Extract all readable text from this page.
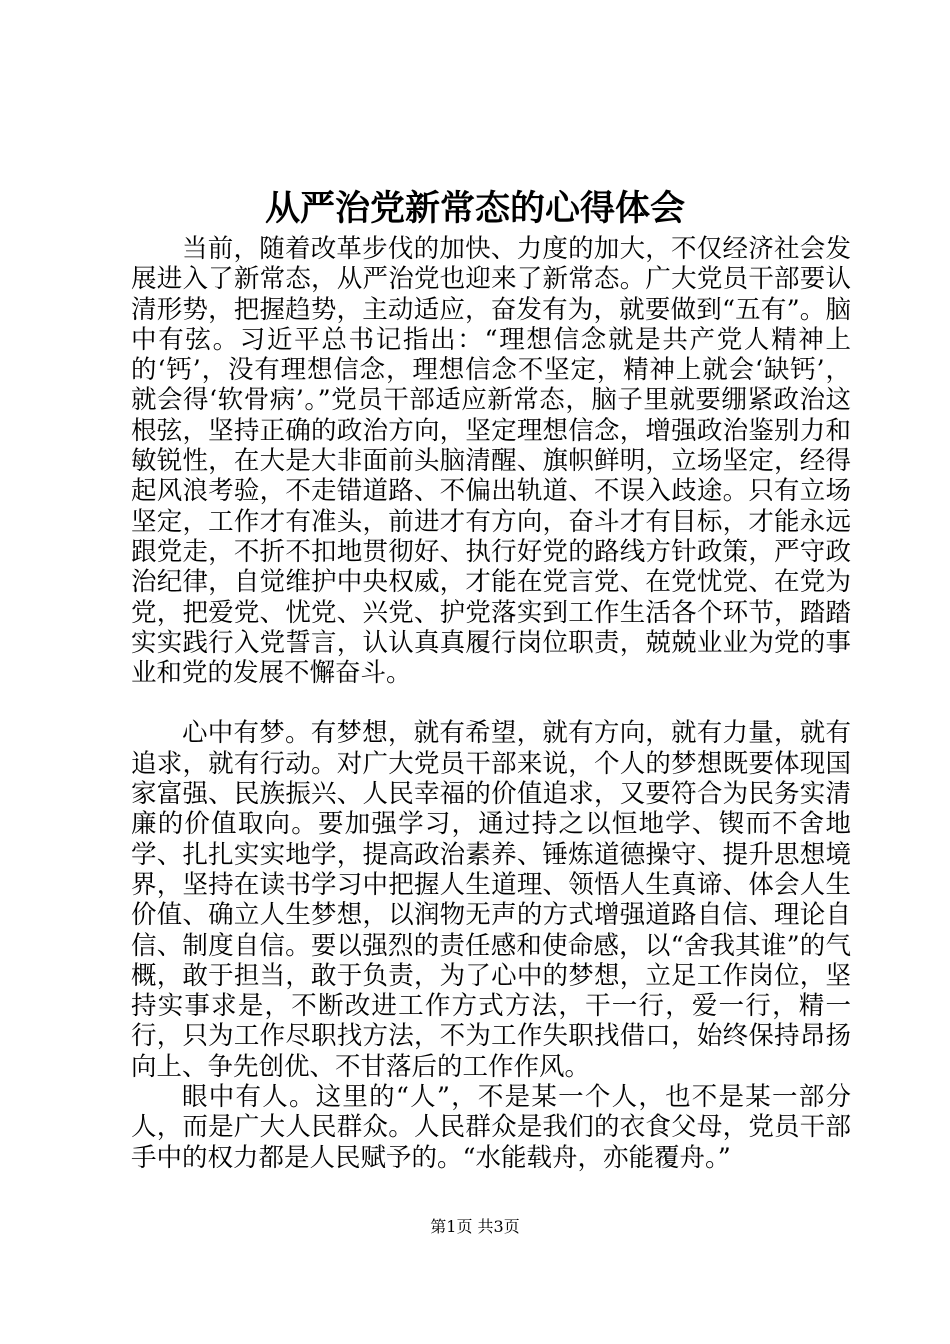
从严治党新常态的心得体会

当前，随着改革步伐的加快、力度的加大，不仅经济社会发展进入了新常态，从严治党也迎来了新常态。广大党员干部要认清形势，把握趋势，主动适应，奋发有为，就要做到“五有”。脑中有弦。习近平总书记指出：“理想信念就是共产党人精神上的‘钙’，没有理想信念，理想信念不坚定，精神上就会‘缺钙’，就会得‘软骨病’。”党员干部适应新常态，脑子里就要绷紧政治这根弦，坚持正确的政治方向，坚定理想信念，增强政治鉴别力和敏锐性，在大是大非面前头脑清醒、旗帜鲜明，立场坚定，经得起风浪考验，不走错道路、不偏出轨道、不误入歧途。只有立场坚定，工作才有准头，前进才有方向，奋斗才有目标，才能永远跟党走，不折不扣地贯彻好、执行好党的路线方针政策，严守政治纪律，自觉维护中央权威，才能在党言党、在党忧党、在党为党，把爱党、忧党、兴党、护党落实到工作生活各个环节，踏踏实实践行入党誓言，认认真真履行岗位职责，兢兢业业为党的事业和党的发展不懈奋斗。

心中有梦。有梦想，就有希望，就有方向，就有力量，就有追求，就有行动。对广大党员干部来说，个人的梦想既要体现国家富强、民族振兴、人民幸福的价值追求，又要符合为民务实清廉的价值取向。要加强学习，通过持之以恒地学、锲而不舍地学、扎扎实实地学，提高政治素养、锤炼道德操守、提升思想境界，坚持在读书学习中把握人生道理、领悟人生真谛、体会人生价值、确立人生梦想，以润物无声的方式增强道路自信、理论自信、制度自信。要以强烈的责任感和使命感，以“舍我其谁”的气概，敢于担当，敢于负责，为了心中的梦想，立足工作岗位，坚持实事求是，不断改进工作方式方法，干一行，爱一行，精一行，只为工作尽职找方法，不为工作失职找借口，始终保持昂扬向上、争先创优、不甘落后的工作作风。

眼中有人。这里的“人”，不是某一个人，也不是某一部分人，而是广大人民群众。人民群众是我们的衣食父母，党员干部手中的权力都是人民赋予的。“水能载舟，亦能覆舟。”

第1页 共3页
